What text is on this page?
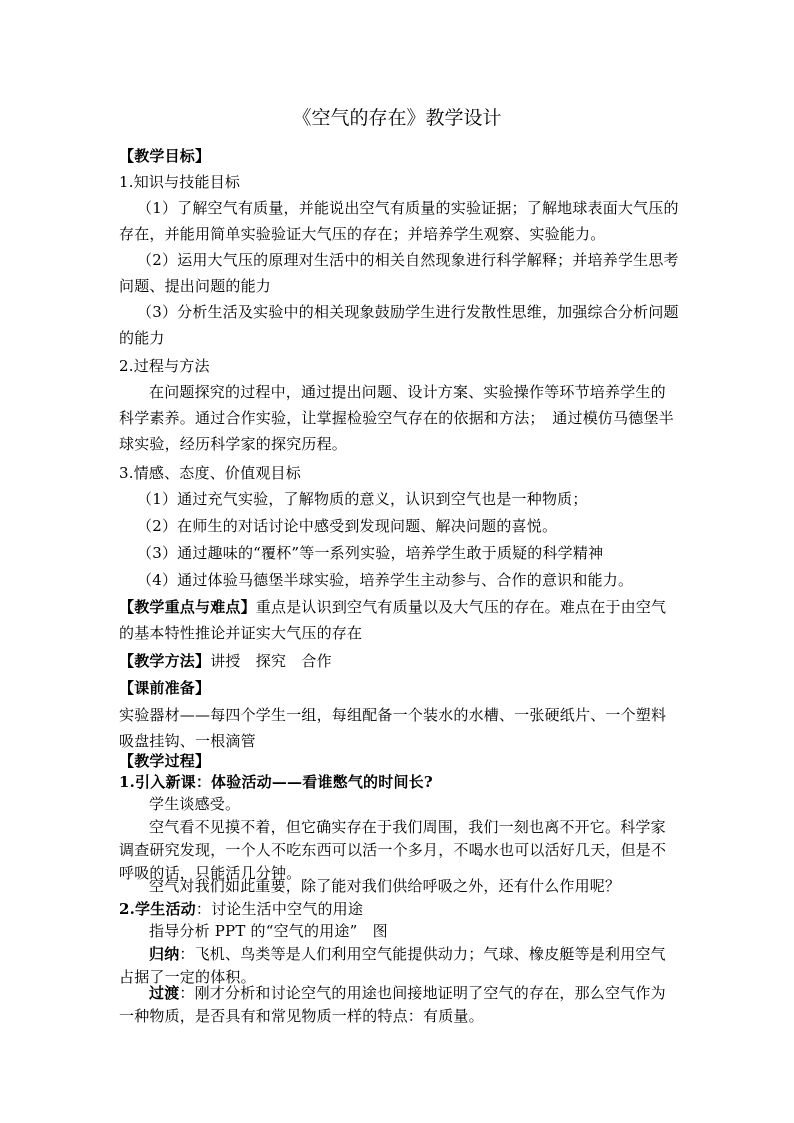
《空气的存在》教学设计
【教学目标】
1.知识与技能目标
（1）了解空气有质量，并能说出空气有质量的实验证据；了解地球表面大气压的存在，并能用简单实验验证大气压的存在；并培养学生观察、实验能力。
（2）运用大气压的原理对生活中的相关自然现象进行科学解释；并培养学生思考问题、提出问题的能力
（3）分析生活及实验中的相关现象鼓励学生进行发散性思维，加强综合分析问题的能力
2.过程与方法
在问题探究的过程中，通过提出问题、设计方案、实验操作等环节培养学生的科学素养。通过合作实验，让掌握检验空气存在的依据和方法；　通过模仿马德堡半球实验，经历科学家的探究历程。
3.情感、态度、价值观目标
（1）通过充气实验，了解物质的意义，认识到空气也是一种物质；
（2）在师生的对话讨论中感受到发现问题、解决问题的喜悦。
（3）通过趣味的“覆杯”等一系列实验，培养学生敢于质疑的科学精神
（4）通过体验马德堡半球实验，培养学生主动参与、合作的意识和能力。
【教学重点与难点】重点是认识到空气有质量以及大气压的存在。难点在于由空气的基本特性推论并证实大气压的存在
【教学方法】讲授　探究　合作
【课前准备】
实验器材——每四个学生一组，每组配备一个装水的水槽、一张硬纸片、一个塑料吸盘挂钩、一根滴管
【教学过程】
1.引入新课：体验活动——看谁憋气的时间长?
学生谈感受。
空气看不见摸不着，但它确实存在于我们周围，我们一刻也离不开它。科学家调查研究发现，一个人不吃东西可以活一个多月，不喝水也可以活好几天，但是不呼吸的话，只能活几分钟。
空气对我们如此重要，除了能对我们供给呼吸之外，还有什么作用呢？
2.学生活动：讨论生活中空气的用途
指导分析 PPT 的“空气的用途”　图
归纳：飞机、鸟类等是人们利用空气能提供动力；气球、橡皮艇等是利用空气占据了一定的体积。
过渡：刚才分析和讨论空气的用途也间接地证明了空气的存在，那么空气作为一种物质，是否具有和常见物质一样的特点：有质量。
